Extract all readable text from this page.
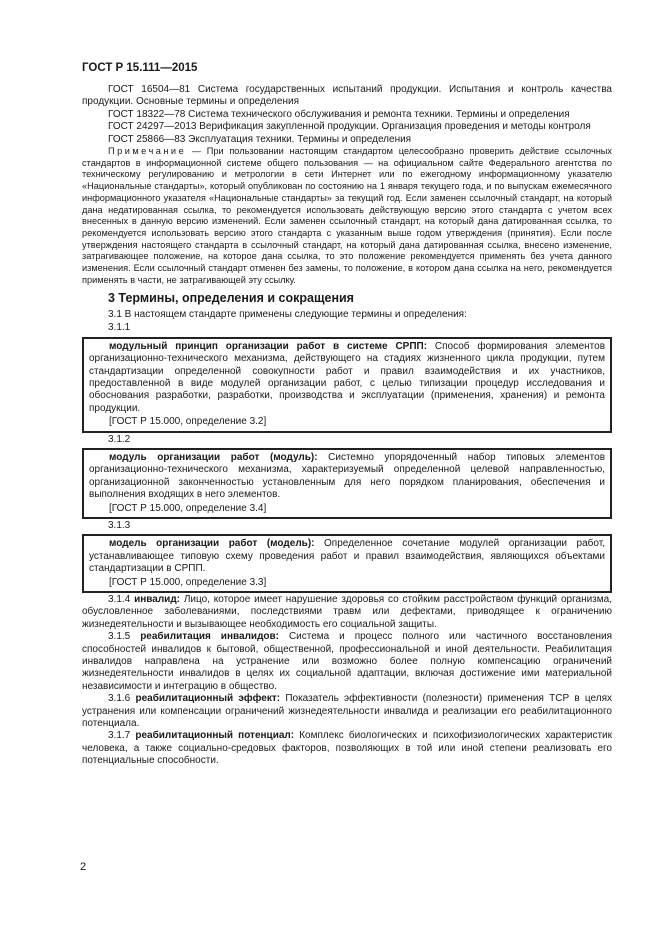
ГОСТ Р 15.111—2015

ГОСТ 16504—81 Система государственных испытаний продукции. Испытания и контроль качества продукции. Основные термины и определения

ГОСТ 18322—78 Система технического обслуживания и ремонта техники. Термины и определения

ГОСТ 24297—2013 Верификация закупленной продукции. Организация проведения и методы контроля

ГОСТ 25866—83 Эксплуатация техники. Термины и определения

Примечание — При пользовании настоящим стандартом целесообразно проверить действие ссылочных стандартов в информационной системе общего пользования — на официальном сайте Федерального агентства по техническому регулированию и метрологии в сети Интернет или по ежегодному информационному указателю «Национальные стандарты», который опубликован по состоянию на 1 января текущего года, и по выпускам ежемесячного информационного указателя «Национальные стандарты» за текущий год. Если заменен ссылочный стандарт, на который дана недатированная ссылка, то рекомендуется использовать действующую версию этого стандарта с учетом всех внесенных в данную версию изменений. Если заменен ссылочный стандарт, на который дана датированная ссылка, то рекомендуется использовать версию этого стандарта с указанным выше годом утверждения (принятия). Если после утверждения настоящего стандарта в ссылочный стандарт, на который дана датированная ссылка, внесено изменение, затрагивающее положение, на которое дана ссылка, то это положение рекомендуется применять без учета данного изменения. Если ссылочный стандарт отменен без замены, то положение, в котором дана ссылка на него, рекомендуется применять в части, не затрагивающей эту ссылку.

3 Термины, определения и сокращения

3.1 В настоящем стандарте применены следующие термины и определения:

3.1.1

модульный принцип организации работ в системе СРПП: Способ формирования элементов организационно-технического механизма, действующего на стадиях жизненного цикла продукции, путем стандартизации определенной совокупности работ и правил взаимодействия и их участников, предоставленной в виде модулей организации работ, с целью типизации процедур исследования и обоснования разработки, разработки, производства и эксплуатации (применения, хранения) и ремонта продукции.

[ГОСТ Р 15.000, определение 3.2]
3.1.2

модуль организации работ (модуль): Системно упорядоченный набор типовых элементов организационно-технического механизма, характеризуемый определенной целевой направленностью, организационной законченностью установленным для него порядком планирования, обеспечения и выполнения входящих в него элементов.

[ГОСТ Р 15.000, определение 3.4]
3.1.3

модель организации работ (модель): Определенное сочетание модулей организации работ, устанавливающее типовую схему проведения работ и правил взаимодействия, являющихся объектами стандартизации в СРПП.

[ГОСТ Р 15.000, определение 3.3]

3.1.4 инвалид: Лицо, которое имеет нарушение здоровья со стойким расстройством функций организма, обусловленное заболеваниями, последствиями травм или дефектами, приводящее к ограничению жизнедеятельности и вызывающее необходимость его социальной защиты.

3.1.5 реабилитация инвалидов: Система и процесс полного или частичного восстановления способностей инвалидов к бытовой, общественной, профессиональной и иной деятельности. Реабилитация инвалидов направлена на устранение или возможно более полную компенсацию ограничений жизнедеятельности инвалидов в целях их социальной адаптации, включая достижение ими материальной независимости и интеграцию в общество.

3.1.6 реабилитационный эффект: Показатель эффективности (полезности) применения ТСР в целях устранения или компенсации ограничений жизнедеятельности инвалида и реализации его реабилитационного потенциала.

3.1.7 реабилитационный потенциал: Комплекс биологических и психофизиологических характеристик человека, а также социально-средовых факторов, позволяющих в той или иной степени реализовать его потенциальные способности.

2
